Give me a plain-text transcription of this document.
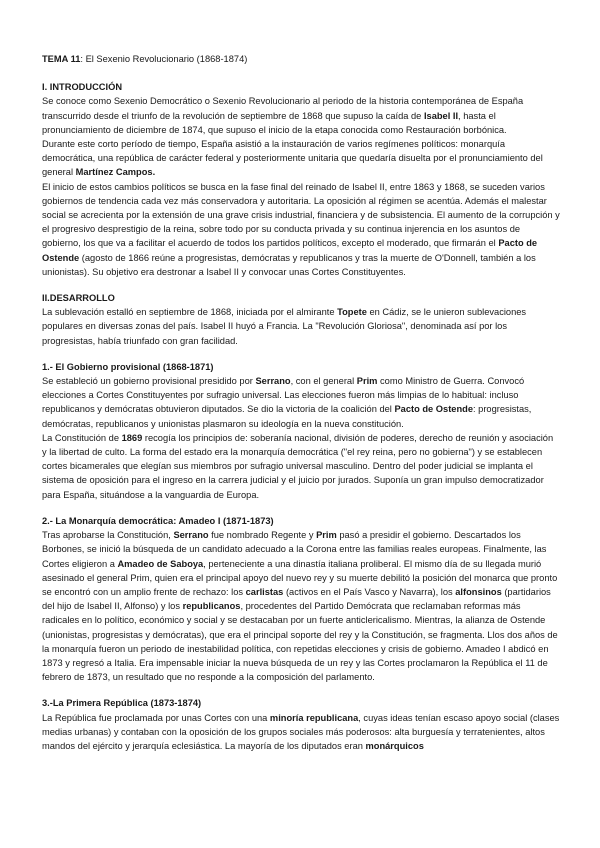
TEMA 11: El Sexenio Revolucionario (1868-1874)

I. INTRODUCCIÓN

Se conoce como Sexenio Democrático o Sexenio Revolucionario al periodo de la historia contemporánea de España transcurrido desde el triunfo de la revolución de septiembre de 1868 que supuso la caída de Isabel II, hasta el pronunciamiento de diciembre de 1874, que supuso el inicio de la etapa conocida como Restauración borbónica.

Durante este corto período de tiempo, España asistió a la instauración de varios regímenes políticos: monarquía democrática, una república de carácter federal y posteriormente unitaria que quedaría disuelta por el pronunciamiento del general Martínez Campos.

El inicio de estos cambios políticos se busca en la fase final del reinado de Isabel II, entre 1863 y 1868, se suceden varios gobiernos de tendencia cada vez más conservadora y autoritaria. La oposición al régimen se acentúa. Además el malestar social se acrecienta por la extensión de una grave crisis industrial, financiera y de subsistencia. El aumento de la corrupción y el progresivo desprestigio de la reina, sobre todo por su conducta privada y su continua injerencia en los asuntos de gobierno, los que va a facilitar el acuerdo de todos los partidos políticos, excepto el moderado, que firmarán el Pacto de Ostende (agosto de 1866 reúne a progresistas, demócratas y republicanos y tras la muerte de O'Donnell, también a los unionistas). Su objetivo era destronar a Isabel II y convocar unas Cortes Constituyentes.

II.DESARROLLO

La sublevación estalló en septiembre de 1868, iniciada por el almirante Topete en Cádiz, se le unieron sublevaciones populares en diversas zonas del país. Isabel II huyó a Francia. La "Revolución Gloriosa", denominada así por los progresistas, había triunfado con gran facilidad.

1.- El Gobierno provisional (1868-1871)

Se estableció un gobierno provisional presidido por Serrano, con el general Prim como Ministro de Guerra. Convocó elecciones a Cortes Constituyentes por sufragio universal. Las elecciones fueron más limpias de lo habitual: incluso republicanos y demócratas obtuvieron diputados. Se dio la victoria de la coalición del Pacto de Ostende: progresistas, demócratas, republicanos y unionistas plasmaron su ideología en la nueva constitución.

La Constitución de 1869 recogía los principios de: soberanía nacional, división de poderes, derecho de reunión y asociación y la libertad de culto. La forma del estado era la monarquía democrática ("el rey reina, pero no gobierna") y se establecen cortes bicamerales que elegían sus miembros por sufragio universal masculino. Dentro del poder judicial se implanta el sistema de oposición para el ingreso en la carrera judicial y el juicio por jurados. Suponía un gran impulso democratizador para España, situándose a la vanguardia de Europa.

2.- La Monarquía democrática: Amadeo I (1871-1873)

Tras aprobarse la Constitución, Serrano fue nombrado Regente y Prim pasó a presidir el gobierno. Descartados los Borbones, se inició la búsqueda de un candidato adecuado a la Corona entre las familias reales europeas. Finalmente, las Cortes eligieron a Amadeo de Saboya, perteneciente a una dinastía italiana proliberal. El mismo día de su llegada murió asesinado el general Prim, quien era el principal apoyo del nuevo rey y su muerte debilitó la posición del monarca que pronto se encontró con un amplio frente de rechazo: los carlistas (activos en el País Vasco y Navarra), los alfonsinos (partidarios del hijo de Isabel II, Alfonso) y los republicanos, procedentes del Partido Demócrata que reclamaban reformas más radicales en lo político, económico y social y se destacaban por un fuerte anticlericalismo. Mientras, la alianza de Ostende (unionistas, progresistas y demócratas), que era el principal soporte del rey y la Constitución, se fragmenta. Llos dos años de la monarquía fueron un periodo de inestabilidad política, con repetidas elecciones y crisis de gobierno. Amadeo I abdicó en 1873 y regresó a Italia. Era impensable iniciar la nueva búsqueda de un rey y las Cortes proclamaron la República el 11 de febrero de 1873, un resultado que no responde a la composición del parlamento.

3.-La Primera República (1873-1874)

La República fue proclamada por unas Cortes con una minoría republicana, cuyas ideas tenían escaso apoyo social (clases medias urbanas) y contaban con la oposición de los grupos sociales más poderosos: alta burguesía y terratenientes, altos mandos del ejército y jerarquía eclesiástica. La mayoría de los diputados eran monárquicos
